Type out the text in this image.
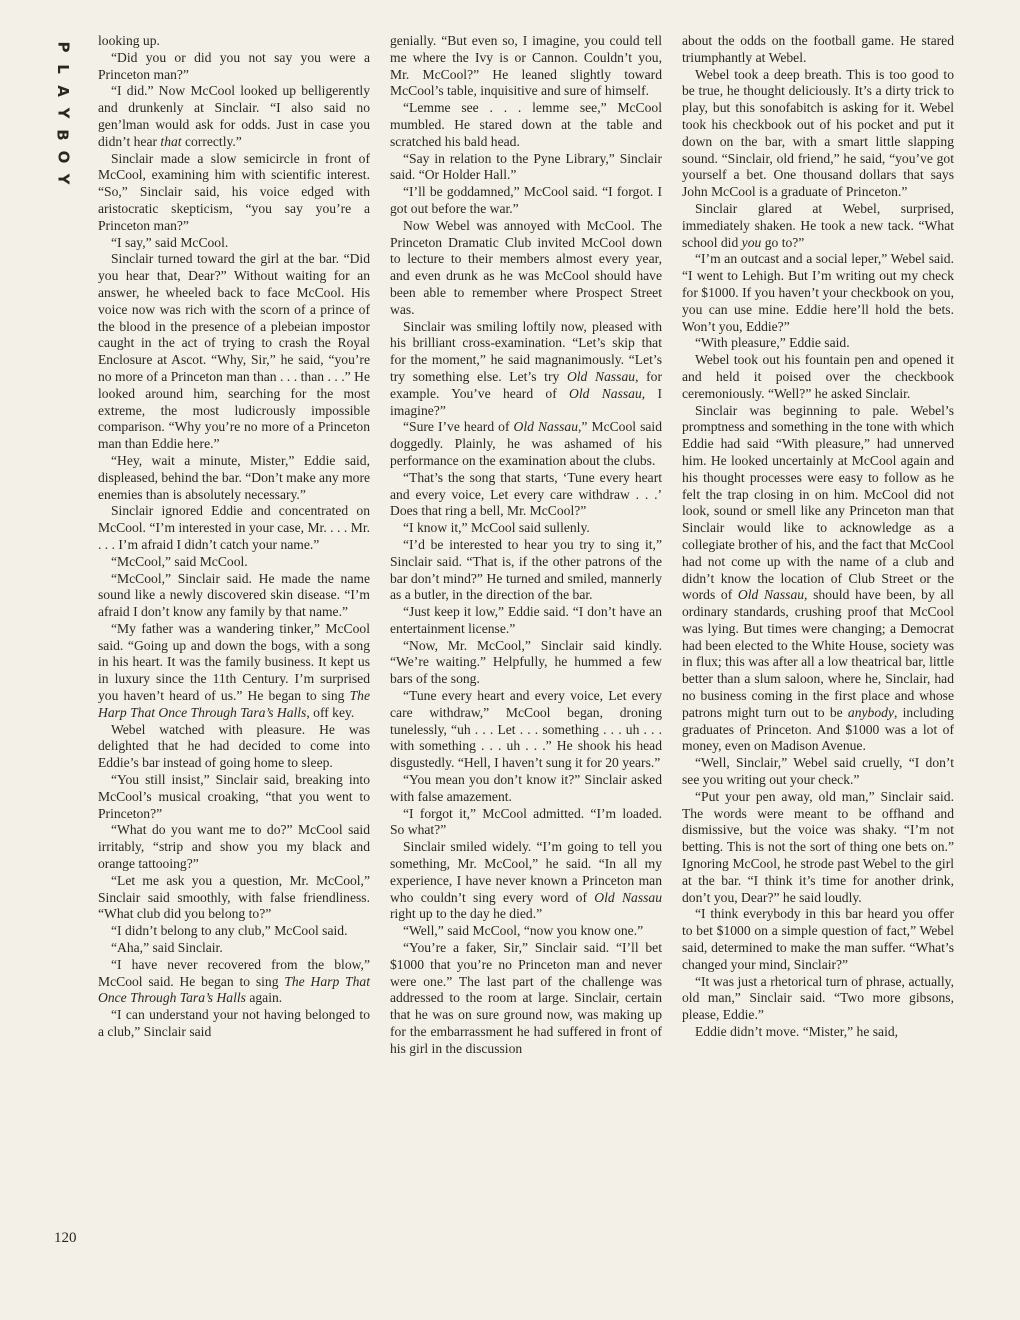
P
L
A
Y
B
O
Y
120

looking up.

“Did you or did you not say you were a Princeton man?”

“I did.” Now McCool looked up belligerently and drunkenly at Sinclair. “I also said no gen’lman would ask for odds. Just in case you didn’t hear that correctly.”

Sinclair made a slow semicircle in front of McCool, examining him with scientific interest. “So,” Sinclair said, his voice edged with aristocratic skepticism, “you say you’re a Princeton man?”

“I say,” said McCool.

Sinclair turned toward the girl at the bar. “Did you hear that, Dear?” Without waiting for an answer, he wheeled back to face McCool. His voice now was rich with the scorn of a prince of the blood in the presence of a plebeian impostor caught in the act of trying to crash the Royal Enclosure at Ascot. “Why, Sir,” he said, “you’re no more of a Princeton man than . . . than . . .” He looked around him, searching for the most extreme, the most ludicrously impossible comparison. “Why you’re no more of a Princeton man than Eddie here.”

“Hey, wait a minute, Mister,” Eddie said, displeased, behind the bar. “Don’t make any more enemies than is absolutely necessary.”

Sinclair ignored Eddie and concentrated on McCool. “I’m interested in your case, Mr. . . . Mr. . . . I’m afraid I didn’t catch your name.”

“McCool,” said McCool.

“McCool,” Sinclair said. He made the name sound like a newly discovered skin disease. “I’m afraid I don’t know any family by that name.”

“My father was a wandering tinker,” McCool said. “Going up and down the bogs, with a song in his heart. It was the family business. It kept us in luxury since the 11th Century. I’m surprised you haven’t heard of us.” He began to sing The Harp That Once Through Tara’s Halls, off key.

Webel watched with pleasure. He was delighted that he had decided to come into Eddie’s bar instead of going home to sleep.

“You still insist,” Sinclair said, breaking into McCool’s musical croaking, “that you went to Princeton?”

“What do you want me to do?” McCool said irritably, “strip and show you my black and orange tattooing?”

“Let me ask you a question, Mr. McCool,” Sinclair said smoothly, with false friendliness. “What club did you belong to?”

“I didn’t belong to any club,” McCool said.

“Aha,” said Sinclair.

“I have never recovered from the blow,” McCool said. He began to sing The Harp That Once Through Tara’s Halls again.

“I can understand your not having belonged to a club,” Sinclair said

genially. “But even so, I imagine, you could tell me where the Ivy is or Cannon. Couldn’t you, Mr. McCool?” He leaned slightly toward McCool’s table, inquisitive and sure of himself.

“Lemme see . . . lemme see,” McCool mumbled. He stared down at the table and scratched his bald head.

“Say in relation to the Pyne Library,” Sinclair said. “Or Holder Hall.”

“I’ll be goddamned,” McCool said. “I forgot. I got out before the war.”

Now Webel was annoyed with McCool. The Princeton Dramatic Club invited McCool down to lecture to their members almost every year, and even drunk as he was McCool should have been able to remember where Prospect Street was.

Sinclair was smiling loftily now, pleased with his brilliant cross-examination. “Let’s skip that for the moment,” he said magnanimously. “Let’s try something else. Let’s try Old Nassau, for example. You’ve heard of Old Nassau, I imagine?”

“Sure I’ve heard of Old Nassau,” McCool said doggedly. Plainly, he was ashamed of his performance on the examination about the clubs.

“That’s the song that starts, ‘Tune every heart and every voice, Let every care withdraw . . .’ Does that ring a bell, Mr. McCool?”

“I know it,” McCool said sullenly.

“I’d be interested to hear you try to sing it,” Sinclair said. “That is, if the other patrons of the bar don’t mind?” He turned and smiled, mannerly as a butler, in the direction of the bar.

“Just keep it low,” Eddie said. “I don’t have an entertainment license.”

“Now, Mr. McCool,” Sinclair said kindly. “We’re waiting.” Helpfully, he hummed a few bars of the song.

“Tune every heart and every voice, Let every care withdraw,” McCool began, droning tunelessly, “uh . . . Let . . . something . . . uh . . . with something . . . uh . . .” He shook his head disgustedly. “Hell, I haven’t sung it for 20 years.”

“You mean you don’t know it?” Sinclair asked with false amazement.

“I forgot it,” McCool admitted. “I’m loaded. So what?”

Sinclair smiled widely. “I’m going to tell you something, Mr. McCool,” he said. “In all my experience, I have never known a Princeton man who couldn’t sing every word of Old Nassau right up to the day he died.”

“Well,” said McCool, “now you know one.”

“You’re a faker, Sir,” Sinclair said. “I’ll bet $1000 that you’re no Princeton man and never were one.” The last part of the challenge was addressed to the room at large. Sinclair, certain that he was on sure ground now, was making up for the embarrassment he had suffered in front of his girl in the discussion

about the odds on the football game. He stared triumphantly at Webel.

Webel took a deep breath. This is too good to be true, he thought deliciously. It’s a dirty trick to play, but this sonofabitch is asking for it. Webel took his checkbook out of his pocket and put it down on the bar, with a smart little slapping sound. “Sinclair, old friend,” he said, “you’ve got yourself a bet. One thousand dollars that says John McCool is a graduate of Princeton.”

Sinclair glared at Webel, surprised, immediately shaken. He took a new tack. “What school did you go to?”

“I’m an outcast and a social leper,” Webel said. “I went to Lehigh. But I’m writing out my check for $1000. If you haven’t your checkbook on you, you can use mine. Eddie here’ll hold the bets. Won’t you, Eddie?”

“With pleasure,” Eddie said.

Webel took out his fountain pen and opened it and held it poised over the checkbook ceremoniously. “Well?” he asked Sinclair.

Sinclair was beginning to pale. Webel’s promptness and something in the tone with which Eddie had said “With pleasure,” had unnerved him. He looked uncertainly at McCool again and his thought processes were easy to follow as he felt the trap closing in on him. McCool did not look, sound or smell like any Princeton man that Sinclair would like to acknowledge as a collegiate brother of his, and the fact that McCool had not come up with the name of a club and didn’t know the location of Club Street or the words of Old Nassau, should have been, by all ordinary standards, crushing proof that McCool was lying. But times were changing; a Democrat had been elected to the White House, society was in flux; this was after all a low theatrical bar, little better than a slum saloon, where he, Sinclair, had no business coming in the first place and whose patrons might turn out to be anybody, including graduates of Princeton. And $1000 was a lot of money, even on Madison Avenue.

“Well, Sinclair,” Webel said cruelly, “I don’t see you writing out your check.”

“Put your pen away, old man,” Sinclair said. The words were meant to be offhand and dismissive, but the voice was shaky. “I’m not betting. This is not the sort of thing one bets on.” Ignoring McCool, he strode past Webel to the girl at the bar. “I think it’s time for another drink, don’t you, Dear?” he said loudly.

“I think everybody in this bar heard you offer to bet $1000 on a simple question of fact,” Webel said, determined to make the man suffer. “What’s changed your mind, Sinclair?”

“It was just a rhetorical turn of phrase, actually, old man,” Sinclair said. “Two more gibsons, please, Eddie.”

Eddie didn’t move. “Mister,” he said,
